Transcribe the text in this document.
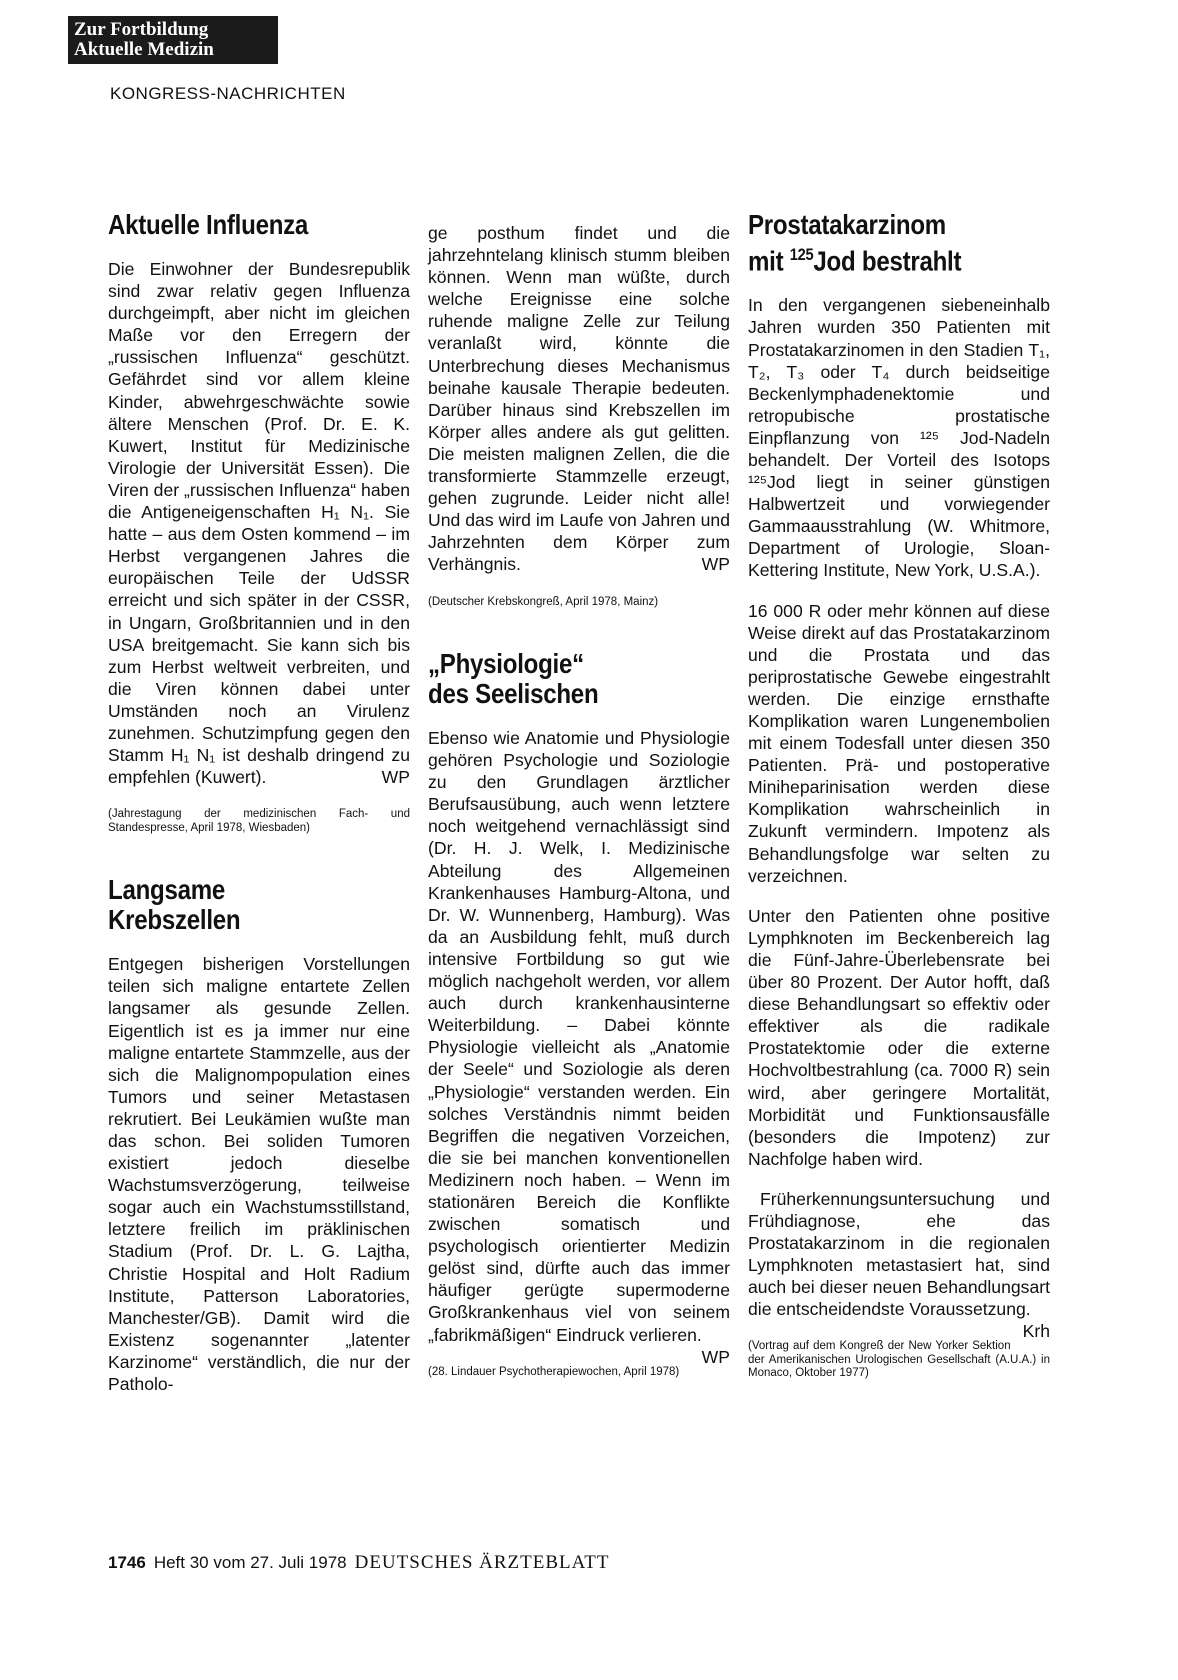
Zur Fortbildung
Aktuelle Medizin
KONGRESS-NACHRICHTEN
Aktuelle Influenza

Die Einwohner der Bundesrepublik sind zwar relativ gegen Influenza durchgeimpft, aber nicht im gleichen Maße vor den Erregern der „russischen Influenza“ geschützt. Gefährdet sind vor allem kleine Kinder, abwehrgeschwächte sowie ältere Menschen (Prof. Dr. E. K. Kuwert, Institut für Medizinische Virologie der Universität Essen). Die Viren der „russischen Influenza“ haben die Antigeneigenschaften H₁ N₁. Sie hatte – aus dem Osten kommend – im Herbst vergangenen Jahres die europäischen Teile der UdSSR erreicht und sich später in der CSSR, in Ungarn, Großbritannien und in den USA breitgemacht. Sie kann sich bis zum Herbst weltweit verbreiten, und die Viren können dabei unter Umständen noch an Virulenz zunehmen. Schutzimpfung gegen den Stamm H₁ N₁ ist deshalb dringend zu empfehlen (Kuwert).	WP

(Jahrestagung der medizinischen Fach- und Standespresse, April 1978, Wiesbaden)

Langsame
Krebszellen

Entgegen bisherigen Vorstellungen teilen sich maligne entartete Zellen langsamer als gesunde Zellen. Eigentlich ist es ja immer nur eine maligne entartete Stammzelle, aus der sich die Malignompopulation eines Tumors und seiner Metastasen rekrutiert. Bei Leukämien wußte man das schon. Bei soliden Tumoren existiert jedoch dieselbe Wachstumsverzögerung, teilweise sogar auch ein Wachstumsstillstand, letztere freilich im präklinischen Stadium (Prof. Dr. L. G. Lajtha, Christie Hospital and Holt Radium Institute, Patterson Laboratories, Manchester/GB). Damit wird die Existenz sogenannter „latenter Karzinome“ verständlich, die nur der Patholo-

ge posthum findet und die jahrzehntelang klinisch stumm bleiben können. Wenn man wüßte, durch welche Ereignisse eine solche ruhende maligne Zelle zur Teilung veranlaßt wird, könnte die Unterbrechung dieses Mechanismus beinahe kausale Therapie bedeuten. Darüber hinaus sind Krebszellen im Körper alles andere als gut gelitten. Die meisten malignen Zellen, die die transformierte Stammzelle erzeugt, gehen zugrunde. Leider nicht alle! Und das wird im Laufe von Jahren und Jahrzehnten dem Körper zum Verhängnis.	WP

(Deutscher Krebskongreß, April 1978, Mainz)

„Physiologie“
des Seelischen

Ebenso wie Anatomie und Physiologie gehören Psychologie und Soziologie zu den Grundlagen ärztlicher Berufsausübung, auch wenn letztere noch weitgehend vernachlässigt sind (Dr. H. J. Welk, I. Medizinische Abteilung des Allgemeinen Krankenhauses Hamburg-Altona, und Dr. W. Wunnenberg, Hamburg). Was da an Ausbildung fehlt, muß durch intensive Fortbildung so gut wie möglich nachgeholt werden, vor allem auch durch krankenhausinterne Weiterbildung. – Dabei könnte Physiologie vielleicht als „Anatomie der Seele“ und Soziologie als deren „Physiologie“ verstanden werden. Ein solches Verständnis nimmt beiden Begriffen die negativen Vorzeichen, die sie bei manchen konventionellen Medizinern noch haben. – Wenn im stationären Bereich die Konflikte zwischen somatisch und psychologisch orientierter Medizin gelöst sind, dürfte auch das immer häufiger gerügte supermoderne Großkrankenhaus viel von seinem „fabrikmäßigen“ Eindruck verlieren.
WP

(28. Lindauer Psychotherapiewochen, April 1978)

Prostatakarzinom
mit $^{125}$Jod bestrahlt

In den vergangenen siebeneinhalb Jahren wurden 350 Patienten mit Prostatakarzinomen in den Stadien T₁, T₂, T₃ oder T₄ durch beidseitige Beckenlymphadenektomie und retropubische prostatische Einpflanzung von ¹²⁵ Jod-Nadeln behandelt. Der Vorteil des Isotops ¹²⁵Jod liegt in seiner günstigen Halbwertzeit und vorwiegender Gammaausstrahlung (W. Whitmore, Department of Urologie, Sloan-Kettering Institute, New York, U.S.A.).

16 000 R oder mehr können auf diese Weise direkt auf das Prostatakarzinom und die Prostata und das periprostatische Gewebe eingestrahlt werden. Die einzige ernsthafte Komplikation waren Lungenembolien mit einem Todesfall unter diesen 350 Patienten. Prä- und postoperative Miniheparinisation werden diese Komplikation wahrscheinlich in Zukunft vermindern. Impotenz als Behandlungsfolge war selten zu verzeichnen.

Unter den Patienten ohne positive Lymphknoten im Beckenbereich lag die Fünf-Jahre-Überlebensrate bei über 80 Prozent. Der Autor hofft, daß diese Behandlungsart so effektiv oder effektiver als die radikale Prostatektomie oder die externe Hochvoltbestrahlung (ca. 7000 R) sein wird, aber geringere Mortalität, Morbidität und Funktionsausfälle (besonders die Impotenz) zur Nachfolge haben wird.

Früherkennungsuntersuchung und Frühdiagnose, ehe das Prostatakarzinom in die regionalen Lymphknoten metastasiert hat, sind auch bei dieser neuen Behandlungsart die entscheidendste Voraussetzung.
Krh

(Vortrag auf dem Kongreß der New Yorker Sektion der Amerikanischen Urologischen Gesellschaft (A.U.A.) in Monaco, Oktober 1977)

1746 Heft 30 vom 27. Juli 1978 DEUTSCHES ÄRZTEBLATT
